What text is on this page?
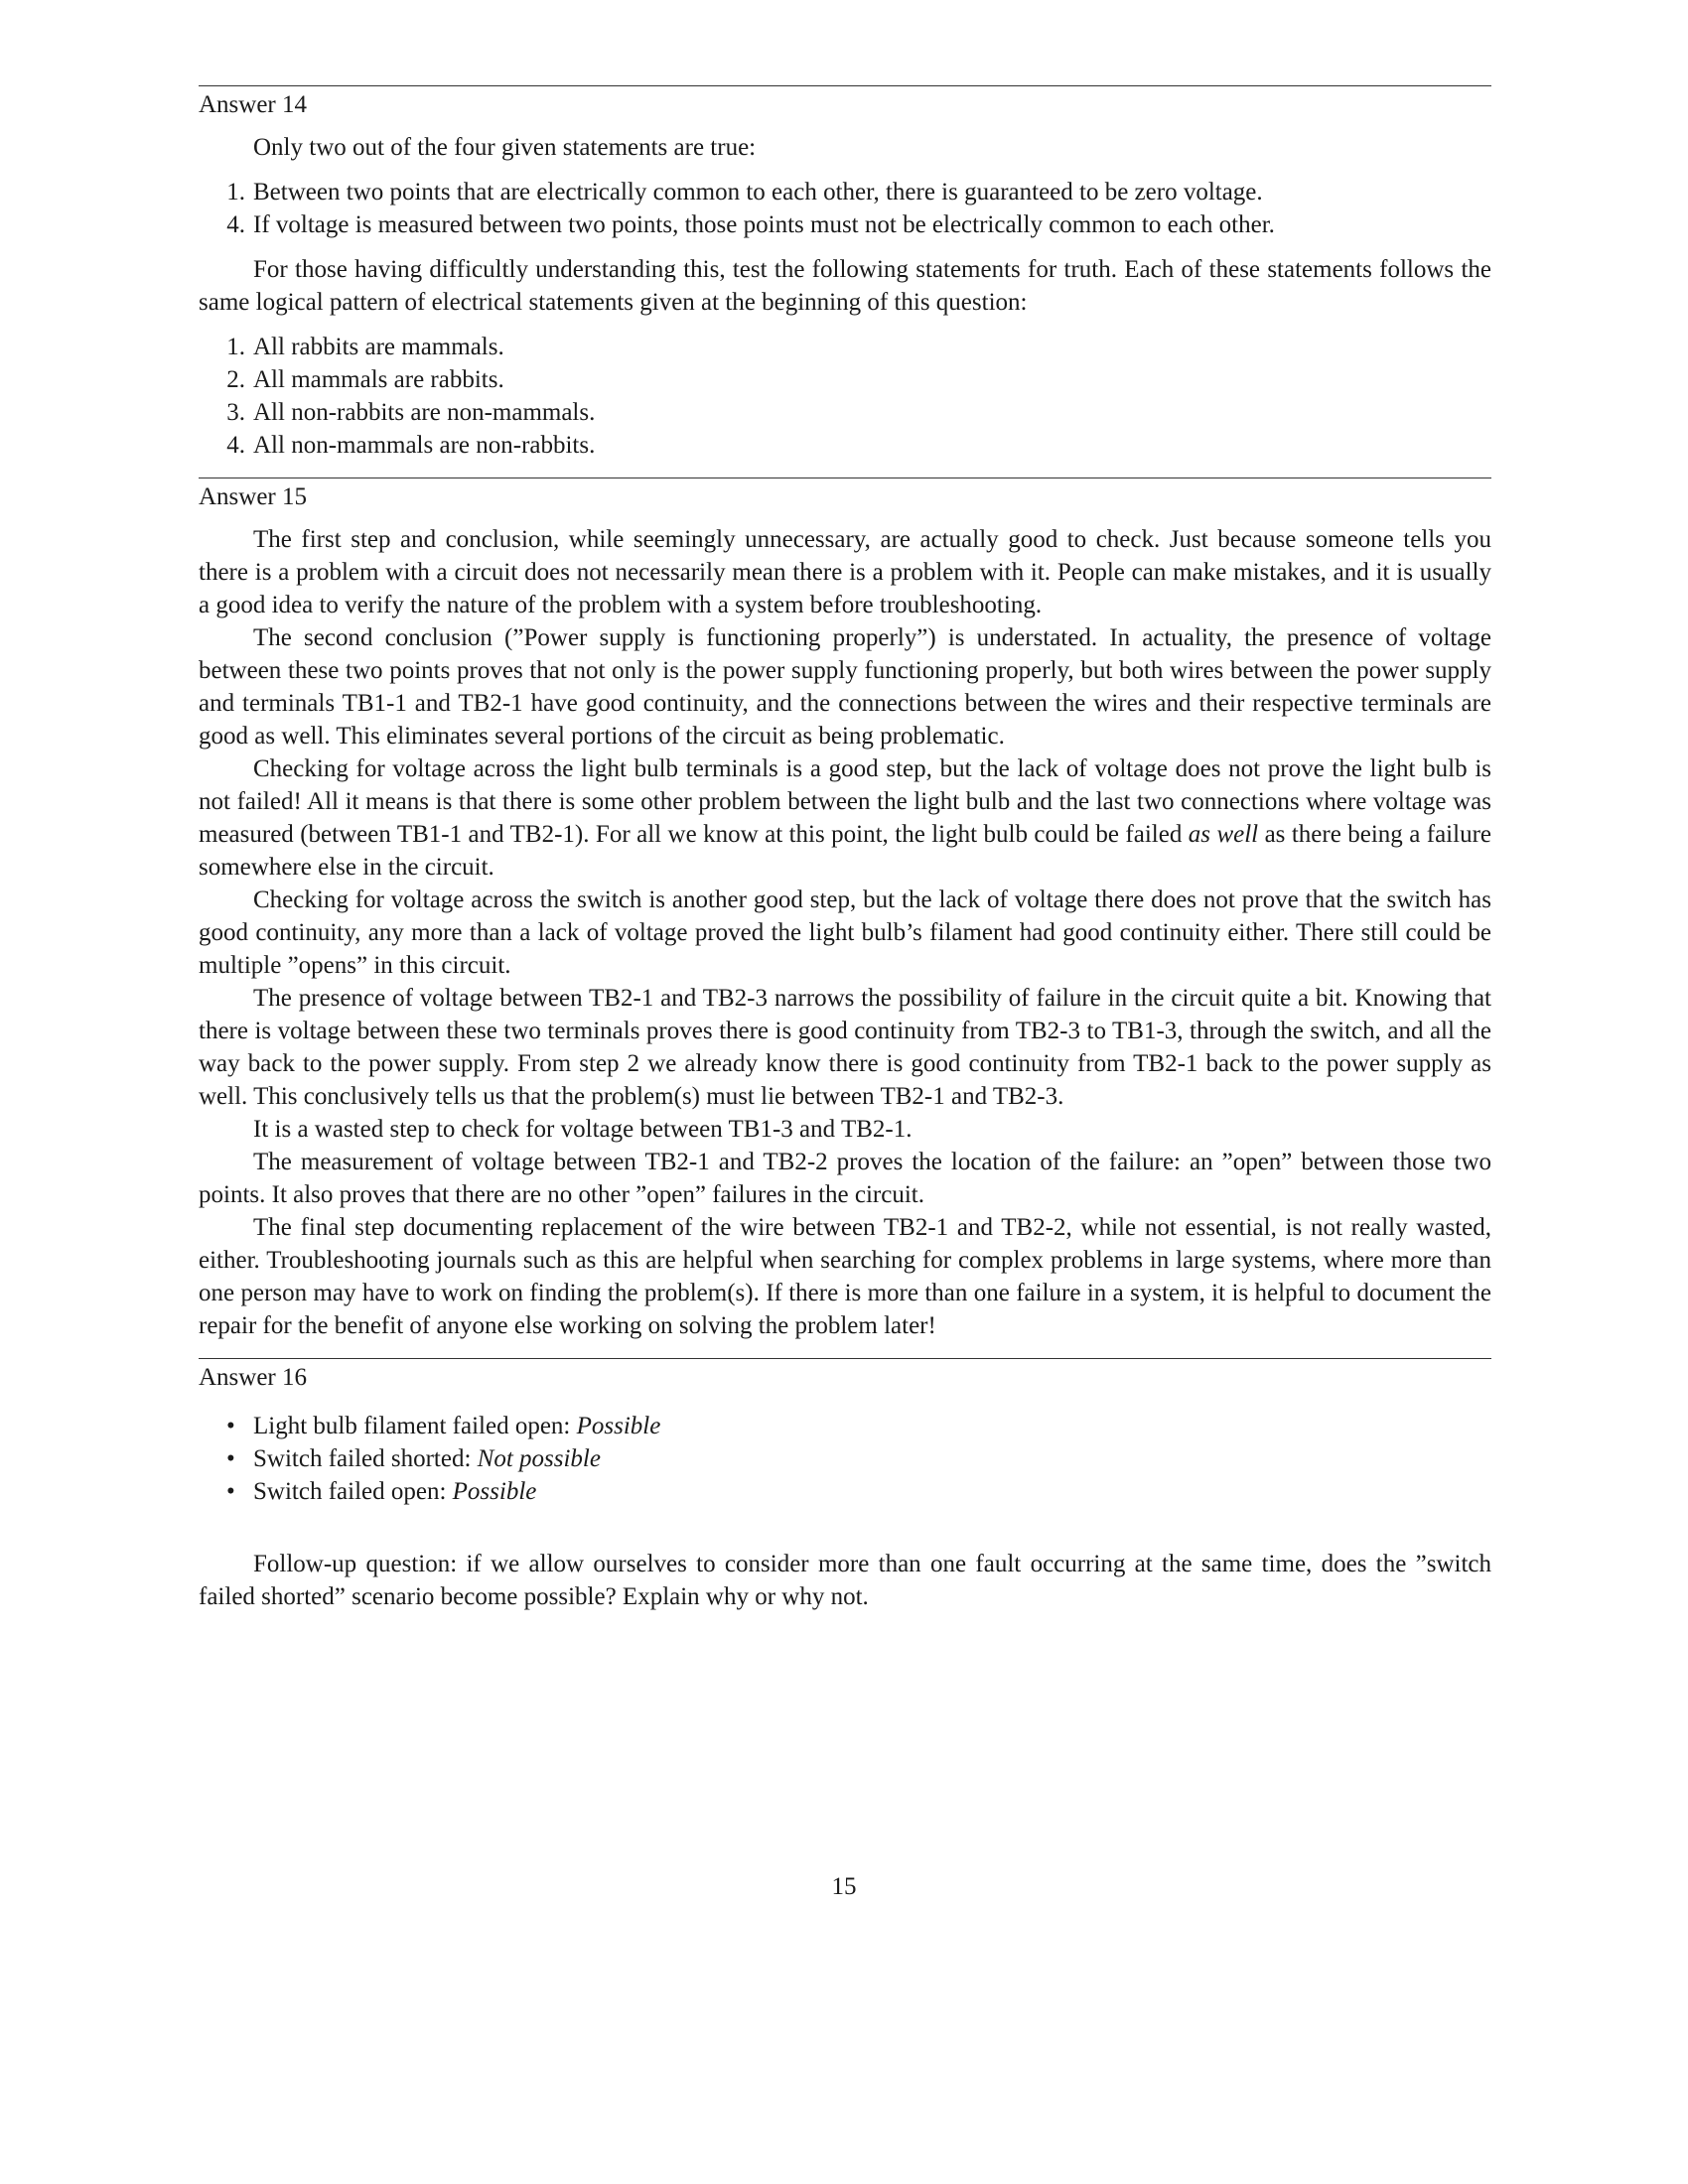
Answer 14

Only two out of the four given statements are true:

1. Between two points that are electrically common to each other, there is guaranteed to be zero voltage.
4. If voltage is measured between two points, those points must not be electrically common to each other.

For those having difficultly understanding this, test the following statements for truth. Each of these statements follows the same logical pattern of electrical statements given at the beginning of this question:

1. All rabbits are mammals.
2. All mammals are rabbits.
3. All non-rabbits are non-mammals.
4. All non-mammals are non-rabbits.
Answer 15

The first step and conclusion, while seemingly unnecessary, are actually good to check. Just because someone tells you there is a problem with a circuit does not necessarily mean there is a problem with it. People can make mistakes, and it is usually a good idea to verify the nature of the problem with a system before troubleshooting.

The second conclusion (”Power supply is functioning properly”) is understated. In actuality, the presence of voltage between these two points proves that not only is the power supply functioning properly, but both wires between the power supply and terminals TB1-1 and TB2-1 have good continuity, and the connections between the wires and their respective terminals are good as well. This eliminates several portions of the circuit as being problematic.

Checking for voltage across the light bulb terminals is a good step, but the lack of voltage does not prove the light bulb is not failed! All it means is that there is some other problem between the light bulb and the last two connections where voltage was measured (between TB1-1 and TB2-1). For all we know at this point, the light bulb could be failed as well as there being a failure somewhere else in the circuit.

Checking for voltage across the switch is another good step, but the lack of voltage there does not prove that the switch has good continuity, any more than a lack of voltage proved the light bulb’s filament had good continuity either. There still could be multiple ”opens” in this circuit.

The presence of voltage between TB2-1 and TB2-3 narrows the possibility of failure in the circuit quite a bit. Knowing that there is voltage between these two terminals proves there is good continuity from TB2-3 to TB1-3, through the switch, and all the way back to the power supply. From step 2 we already know there is good continuity from TB2-1 back to the power supply as well. This conclusively tells us that the problem(s) must lie between TB2-1 and TB2-3.

It is a wasted step to check for voltage between TB1-3 and TB2-1.

The measurement of voltage between TB2-1 and TB2-2 proves the location of the failure: an ”open” between those two points. It also proves that there are no other ”open” failures in the circuit.

The final step documenting replacement of the wire between TB2-1 and TB2-2, while not essential, is not really wasted, either. Troubleshooting journals such as this are helpful when searching for complex problems in large systems, where more than one person may have to work on finding the problem(s). If there is more than one failure in a system, it is helpful to document the repair for the benefit of anyone else working on solving the problem later!

Answer 16
• Light bulb filament failed open: Possible
• Switch failed shorted: Not possible
• Switch failed open: Possible

Follow-up question: if we allow ourselves to consider more than one fault occurring at the same time, does the ”switch failed shorted” scenario become possible? Explain why or why not.

15
